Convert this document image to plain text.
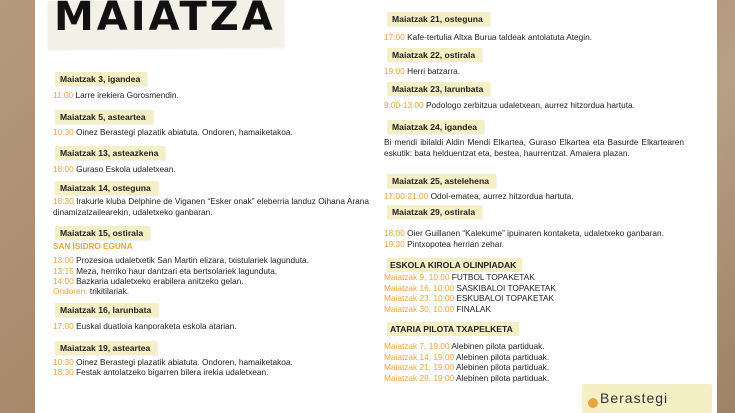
MAIATZA
Maiatzak 3, igandea
11:00 Larre irekiera Gorosmendin.
Maiatzak 5, asteartea
10:30 Oinez Berastegi plazatik abiatuta. Ondoren, hamaiketakoa.
Maiatzak 13, asteazkena
18:00 Guraso Eskola udaletxean.
Maiatzak 14, osteguna
18:30 Irakurle kluba Delphine de Viganen “Esker onak” eleberria landuz Oihana Arana dinamizatzailearekin, udaletxeko ganbaran.
Maiatzak 15, ostirala
SAN ISIDRO EGUNA
13:00 Prozesioa udaletxetik San Martin elizara, txistulariek lagunduta.
13:15 Meza, herriko haur dantzari eta bertsolariek lagunduta.
14:00 Bazkaria udaletxeko erabilera anitzeko gelan.
Ondoren: trikitilariak.
Maiatzak 16, larunbata
17:00 Euskal duatloia kanporaketa eskola atarian.
Maiatzak 19, asteartea
10:30 Oinez Berastegi plazatik abiatuta. Ondoren, hamaiketakoa.
18:30 Festak antolatzeko bigarren bilera irekia udaletxean.
Maiatzak 21, osteguna
17:00 Kafe-tertulia Altxa Burua taldeak antolatuta Ategin.
Maiatzak 22, ostirala
19:00 Herri batzarra.
Maiatzak 23, larunbata
9:00-13:00 Podologo zerbitzua udaletxean, aurrez hitzordua hartuta.
Maiatzak 24, igandea
Bi mendi ibilaldi Aldin Mendi Elkartea, Guraso Elkartea eta Basurde Elkartearen eskutik: bata helduentzat eta, bestea, haurrentzat. Amaiera plazan.
Maiatzak 25, astelehena
17:00-21:00 Odol-ematea, aurrez hitzordua hartuta.
Maiatzak 29, ostirala
18:00 Oier Guillanen “Kalekume” ipuinaren kontaketa, udaletxeko ganbaran.
19:30 Pintxopotea herrian zehar.
ESKOLA KIROLA OLINPIADAK
Maiatzak 9, 10:00 FUTBOL TOPAKETAK
Maiatzak 16, 10:00 SASKIBALOI TOPAKETAK
Maiatzak 23, 10:00 ESKUBALOI TOPAKETAK
Maiatzak 30, 10:00 FINALAK
ATARIA PILOTA TXAPELKETA
Maiatzak 7, 19:00 Alebinen pilota partiduak.
Maiatzak 14, 19:00 Alebinen pilota partiduak.
Maiatzak 21, 19:00 Alebinen pilota partiduak.
Maiatzak 28, 19:00 Alebinen pilota partiduak.
Berastegi
